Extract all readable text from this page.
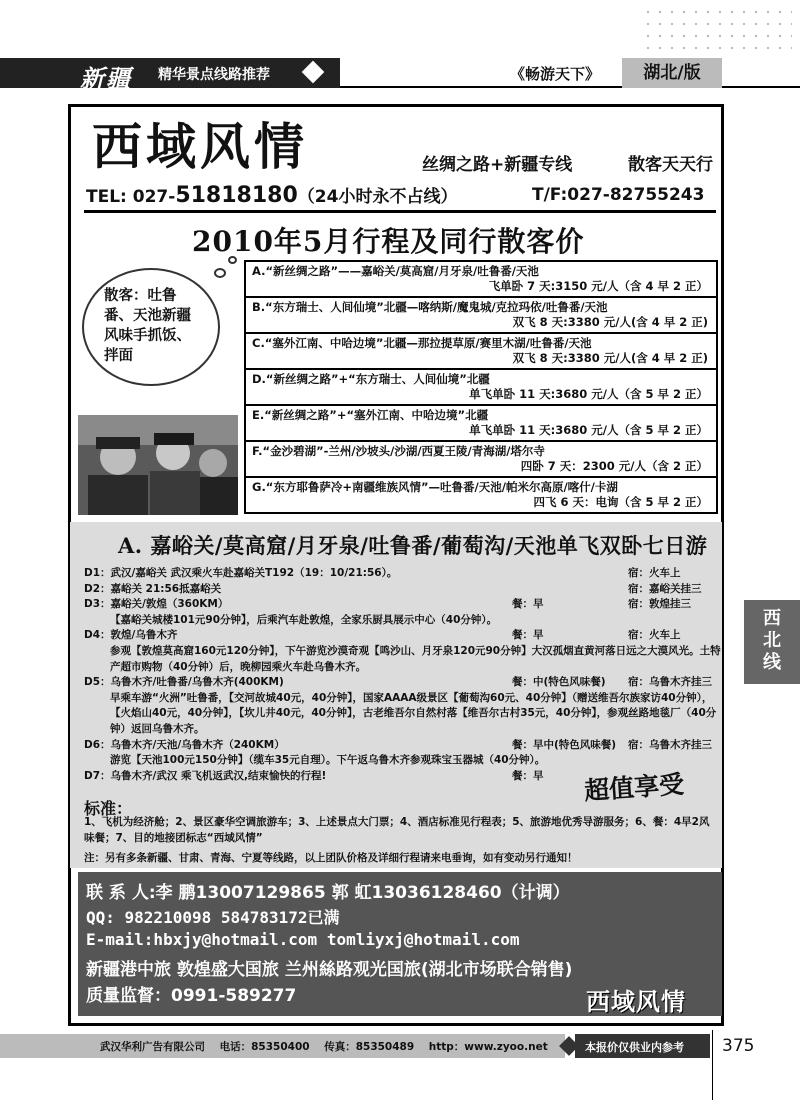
新疆 精华景点线路推荐	《畅游天下》	湖北/版
西域风情	丝绸之路+新疆专线	散客天天行
TEL: 027-51818180（24小时永不占线）	T/F:027-82755243
2010年5月行程及同行散客价
散客：吐鲁番、天池新疆风味手抓饭、拌面
A.“新丝绸之路”——嘉峪关/莫高窟/月牙泉/吐鲁番/天池
飞单卧 7 天:3150 元/人（含 4 早 2 正）
B.“东方瑞士、人间仙境”北疆—喀纳斯/魔鬼城/克拉玛依/吐鲁番/天池
双飞 8 天:3380 元/人(含 4 早 2 正)
C.“塞外江南、中哈边境”北疆—那拉提草原/赛里木湖/吐鲁番/天池
双飞 8 天:3380 元/人(含 4 早 2 正)
D.“新丝绸之路”+“东方瑞士、人间仙境”北疆
单飞单卧 11 天:3680 元/人（含 5 早 2 正）
E.“新丝绸之路”+“塞外江南、中哈边境”北疆
单飞单卧 11 天:3680 元/人（含 5 早 2 正）
F.“金沙碧湖”-兰州/沙坡头/沙湖/西夏王陵/青海湖/塔尔寺
四卧 7 天：2300 元/人（含 2 正）
G.“东方耶鲁萨冷+南疆维族风情”—吐鲁番/天池/帕米尔高原/喀什/卡湖
四飞 6 天：电询（含 5 早 2 正）
A. 嘉峪关/莫高窟/月牙泉/吐鲁番/葡萄沟/天池单飞双卧七日游
D1：武汉/嘉峪关 武汉乘火车赴嘉峪关T192（19：10/21:56）。	宿：火车上
D2：嘉峪关 21:56抵嘉峪关	宿：嘉峪关挂三
D3：嘉峪关/敦煌（360KM）	餐：早	宿：敦煌挂三
【嘉峪关城楼101元90分钟】，后乘汽车赴敦煌，全家乐厨具展示中心（40分钟）。
D4：敦煌/乌鲁木齐	餐：早	宿：火车上
参观【敦煌莫高窟160元120分钟】，下午游览沙漠奇观【鸣沙山、月牙泉120元90分钟】大汉孤烟直黄河落日远之大漠风光。土特产超市购物（40分钟）后，晚柳园乘火车赴乌鲁木齐。
D5：乌鲁木齐/吐鲁番/乌鲁木齐(400KM)	餐：中(特色风味餐) 宿：乌鲁木齐挂三
早乘车游“火洲”吐鲁番，【交河故城40元，40分钟】，国家AAAA级景区【葡萄沟60元、40分钟】（赠送维吾尔族家访40分钟），【火焰山40元，40分钟】，【坎儿井40元，40分钟】，古老维吾尔自然村落【维吾尔古村35元，40分钟】，参观丝路地毯厂（40分钟）返回乌鲁木齐。
D6：乌鲁木齐/天池/乌鲁木齐（240KM）	餐：早中(特色风味餐) 宿：乌鲁木齐挂三
游览【天池100元150分钟】（缆车35元自理）。下午返乌鲁木齐参观珠宝玉器城（40分钟）。
D7：乌鲁木齐/武汉 乘飞机返武汉,结束愉快的行程!	餐：早 超值享受
标准：
1、飞机为经济舱；2、景区豪华空调旅游车；3、上述景点大门票；4、酒店标准见行程表；5、旅游地优秀导游服务；6、餐：4早2风味餐；7、目的地接团标志“西域风情”
注：另有多条新疆、甘肃、青海、宁夏等线路，以上团队价格及详细行程请来电垂询，如有变动另行通知！
联 系 人:李 鹏13007129865 郭 虹13036128460（计调）
QQ: 982210098 584783172已满
E-mail:hbxjy@hotmail.com tomliyxj@hotmail.com
新疆港中旅 敦煌盛大国旅 兰州絲路观光国旅(湖北市场联合销售)
质量监督：0991-589277	西域风情
西北线
武汉华利广告有限公司 电话：85350400 传真：85350489 http：www.zyoo.net	本报价仅供业内参考 375
